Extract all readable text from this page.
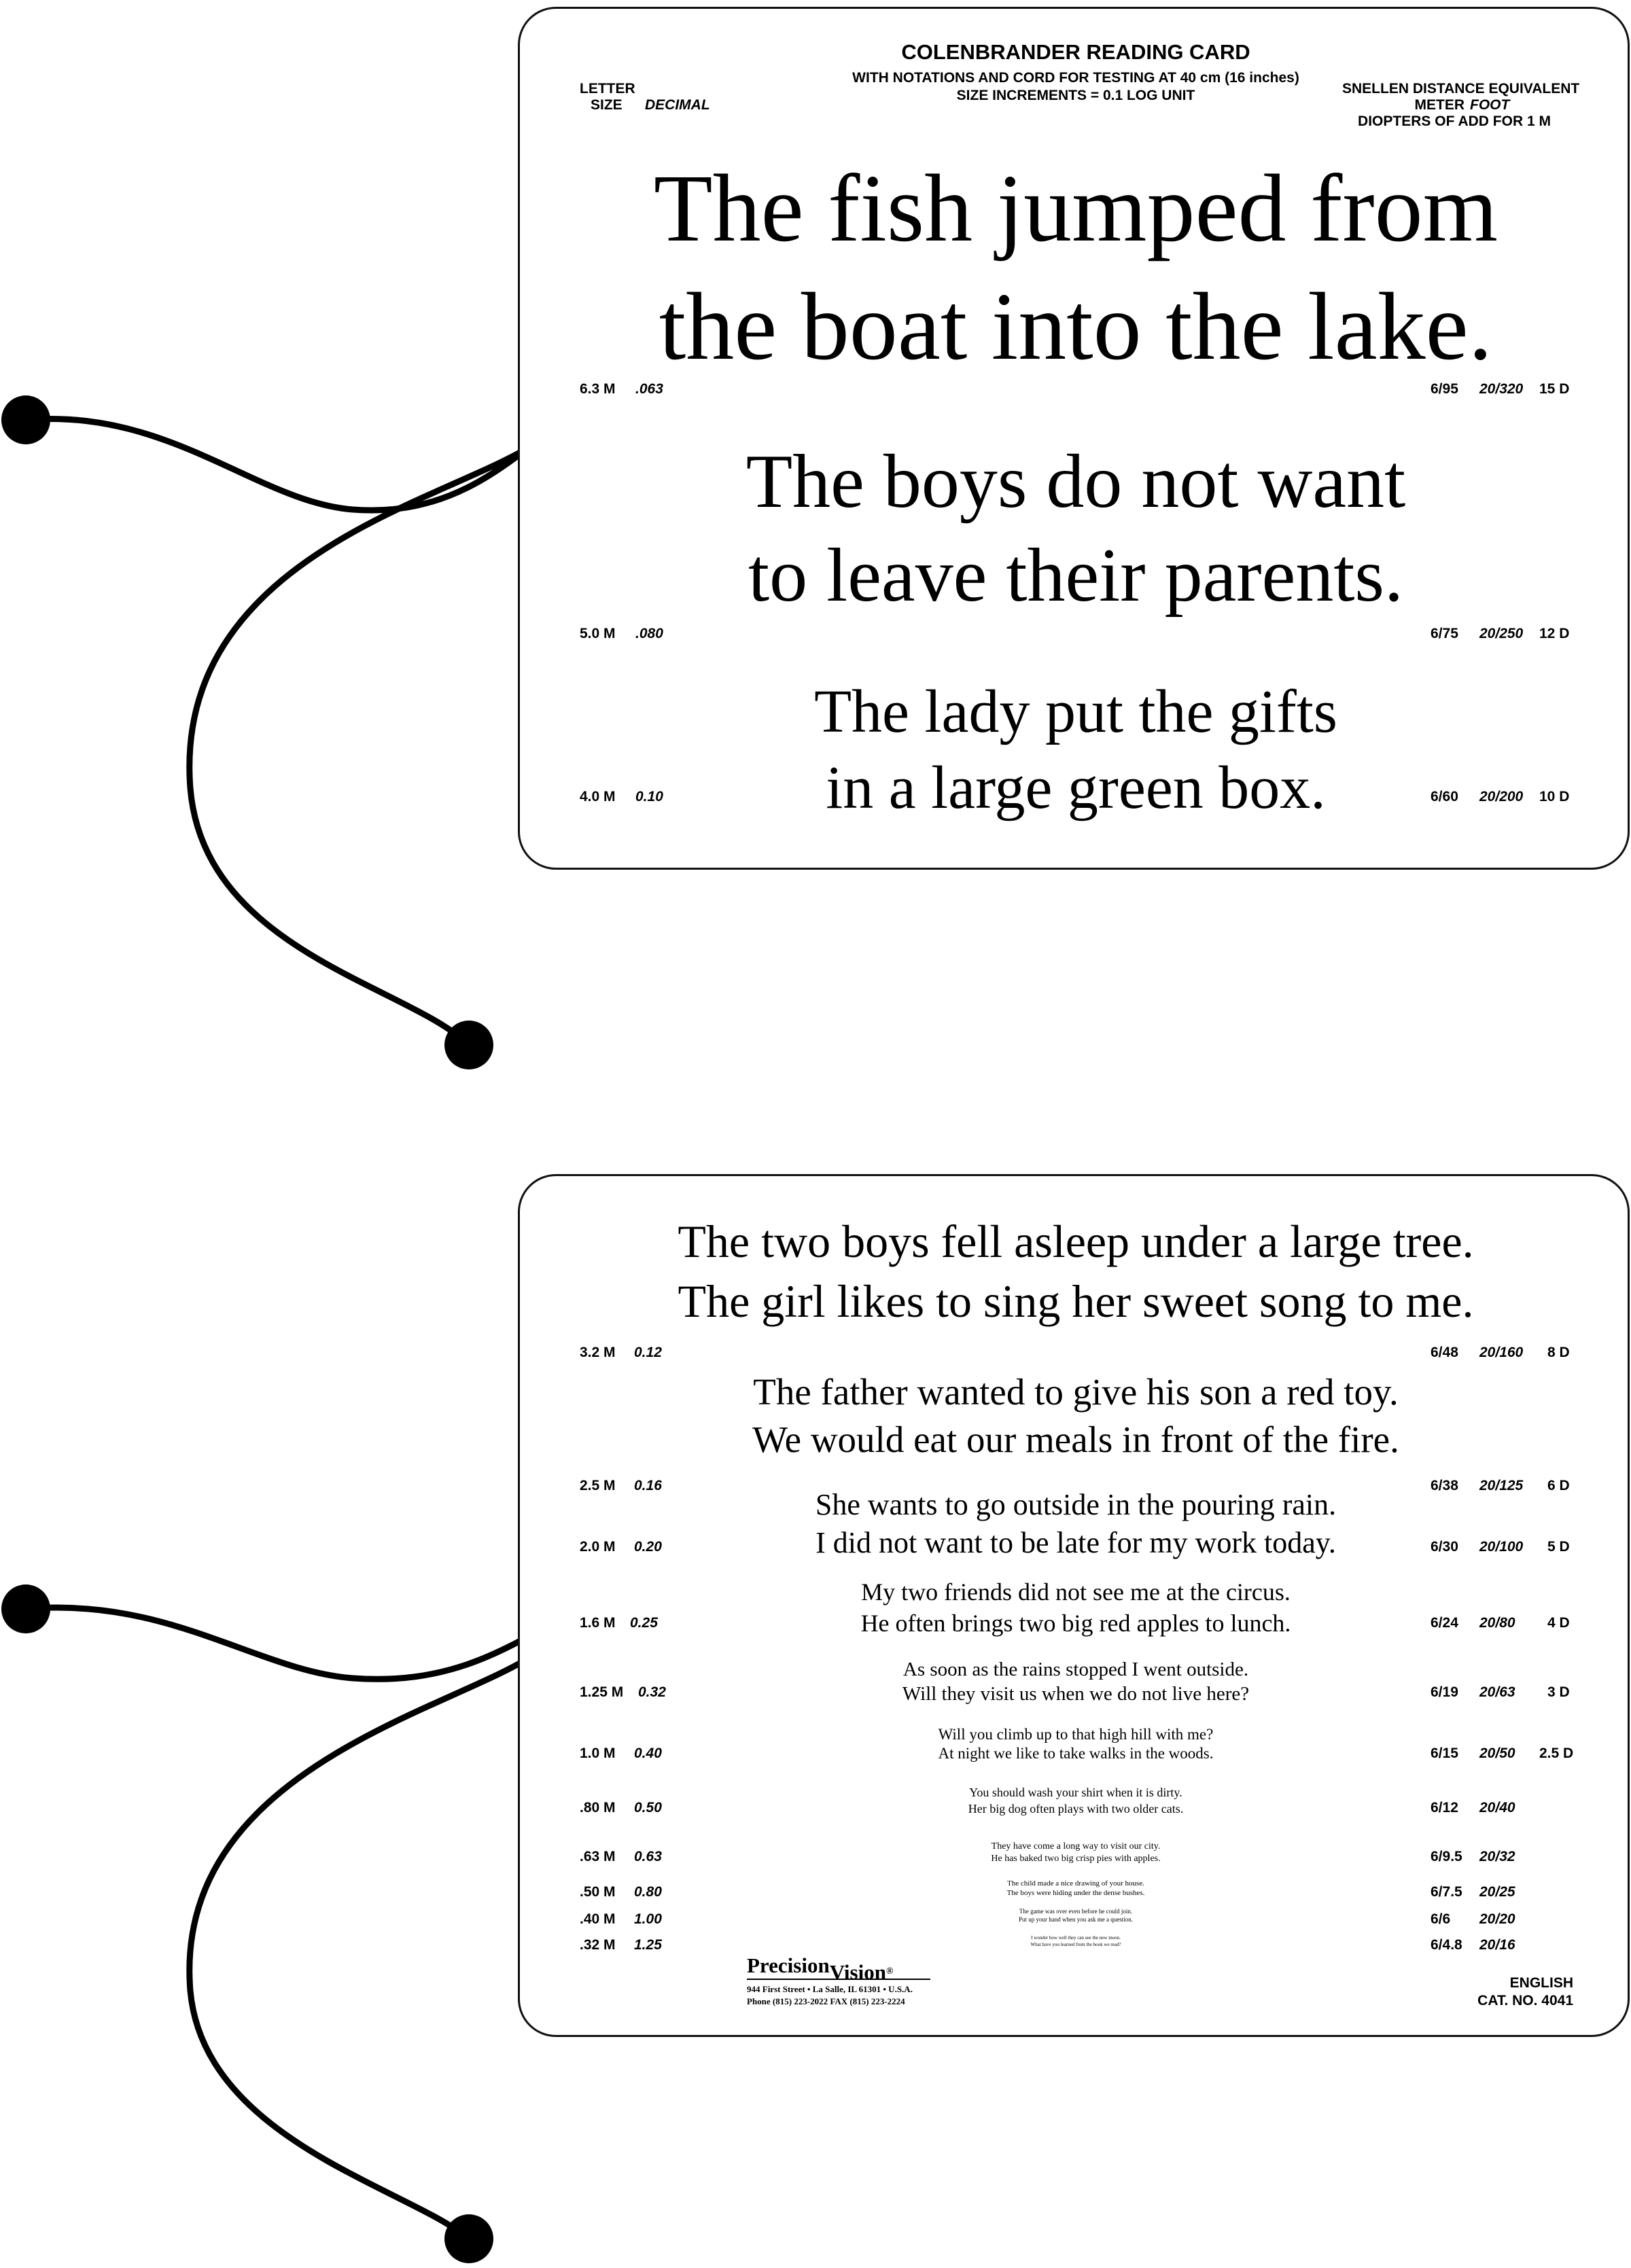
COLENBRANDER READING CARD
WITH NOTATIONS AND CORD FOR TESTING AT 40 cm (16 inches)
SIZE INCREMENTS = 0.1 LOG UNIT
LETTER
SIZE DECIMAL
SNELLEN DISTANCE EQUIVALENT
METER FOOT
DIOPTERS OF ADD FOR 1 M
The fish jumped from
the boat into the lake.
6.3 M .063	6/95 20/320 15 D
The boys do not want
to leave their parents.
5.0 M .080	6/75 20/250 12 D
The lady put the gifts
in a large green box.
4.0 M 0.10	6/60 20/200 10 D
The two boys fell asleep under a large tree.
The girl likes to sing her sweet song to me.
3.2 M 0.12	6/48 20/160 8 D
The father wanted to give his son a red toy.
We would eat our meals in front of the fire.
2.5 M 0.16	6/38 20/125 6 D
She wants to go outside in the pouring rain.
I did not want to be late for my work today.
2.0 M 0.20	6/30 20/100 5 D
My two friends did not see me at the circus.
He often brings two big red apples to lunch.
1.6 M 0.25	6/24 20/80 4 D
As soon as the rains stopped I went outside.
Will they visit us when we do not live here?
1.25 M 0.32	6/19 20/63 3 D
Will you climb up to that high hill with me?
At night we like to take walks in the woods.
1.0 M 0.40	6/15 20/50 2.5 D
You should wash your shirt when it is dirty.
Her big dog often plays with two older cats.
.80 M 0.50	6/12 20/40
They have come a long way to visit our city.
He has baked two big crisp pies with apples.
.63 M 0.63	6/9.5 20/32
The child made a nice drawing of your house.
The boys were hiding under the dense bushes.
.50 M 0.80	6/7.5 20/25
The game was over even before he could join.
Put up your hand when you ask me a question.
.40 M 1.00	6/6 20/20
I wonder how well they can see the new moon.
What have you learned from the book we read?
.32 M 1.25	6/4.8 20/16
PrecisionVision®
944 First Street • La Salle, IL 61301 • U.S.A.
Phone (815) 223-2022 FAX (815) 223-2224
ENGLISH
CAT. NO. 4041
